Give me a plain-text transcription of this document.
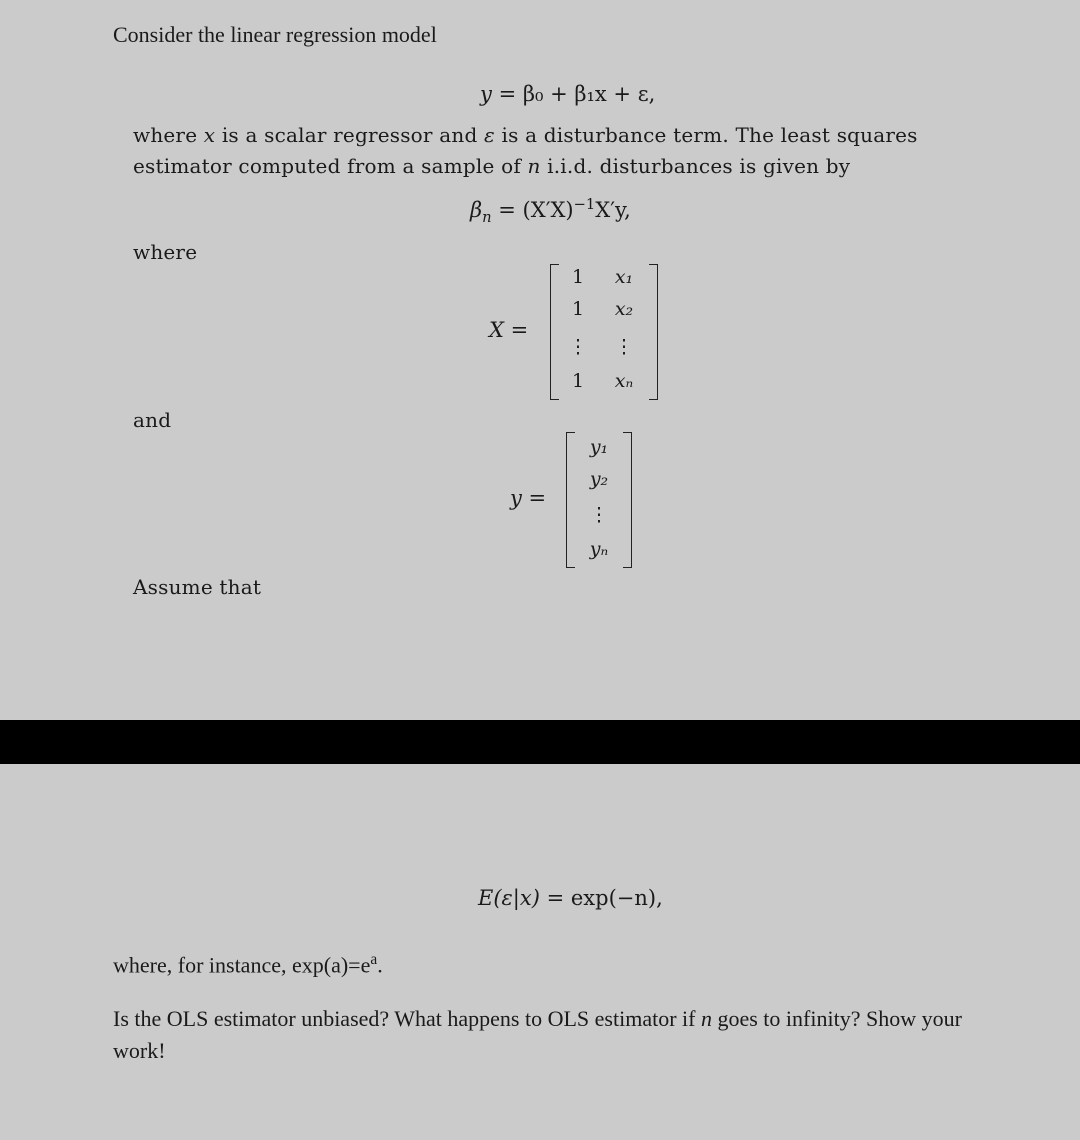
Consider the linear regression model
y = β₀ + β₁x + ε,
where x is a scalar regressor and ε is a disturbance term. The least squares
estimator computed from a sample of n i.i.d. disturbances is given by
$\beta_n = (X'X)^{-1}X'y$,
where
X =
1
1
⋮
1
x₁
x₂
⋮
xₙ
and
y =
y₁
y₂
⋮
yₙ
Assume that
E(ε|x) = exp(−n),
where, for instance, $\exp(a)=e^a$.
Is the OLS estimator unbiased? What happens to OLS estimator if n goes to infinity? Show your
work!
